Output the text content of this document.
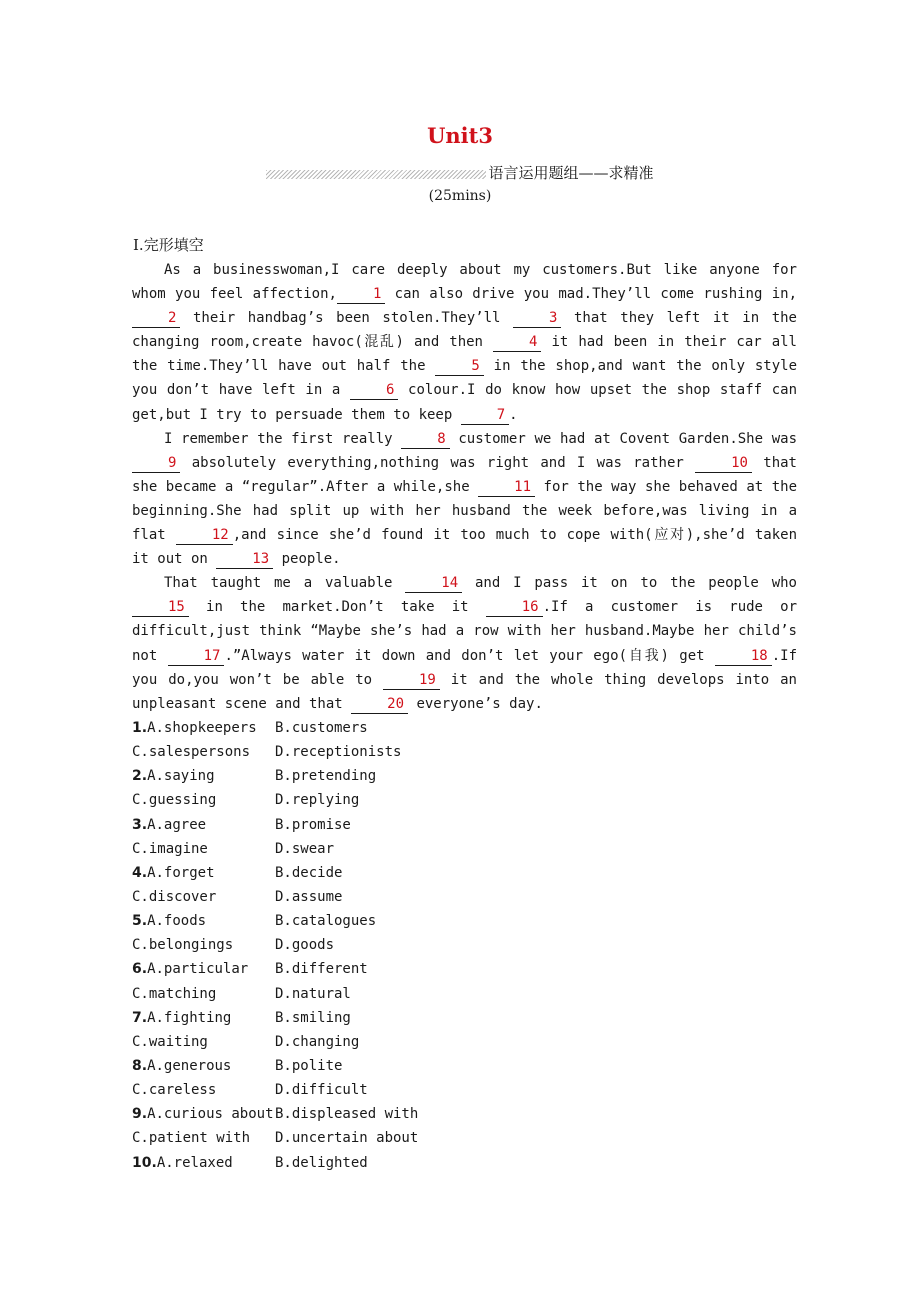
Unit3
语言运用题组——求精准
(25mins)
Ⅰ.完形填空

As a businesswoman,I care deeply about my customers.But like anyone for whom you feel affection,	1 can also drive you mad.They’ll come rushing in,2 their handbag’s been stolen.They’ll	3 that they left it in the changing room,create havoc(混乱) and then	4 it had been in their car all the time.They’ll have out half the	5 in the shop,and want the only style you don’t have left in a	6 colour.I do know how upset the shop staff can get,but I try to persuade them to keep	7 .

I remember the first really	8 customer we had at Covent Garden.She was 9 absolutely everything,nothing was right and I was rather	10 that she became a “regular”.After a while,she	11 for the way she behaved at the beginning.She had split up with her husband the week before,was living in a flat	12 ,and since she’d found it too much to cope with(应对),she’d taken it out on	13 people.

That taught me a valuable	14 and I pass it on to the people who 15 in the market.Don’t take it	16 .If a customer is rude or difficult,just think “Maybe she’s had a row with her husband.Maybe her child’s not	17 .”Always water it down and don’t let your ego(自我) get	18 .If you do,you won’t be able to	19 it and the whole thing develops into an unpleasant scene and that	20 everyone’s day.

1.A.shopkeepers B.customers
C.salespersons D.receptionists
2.A.saying	B.pretending
C.guessing	D.replying
3.A.agree	B.promise
C.imagine	D.swear
4.A.forget	B.decide
C.discover	D.assume
5.A.foods	B.catalogues
C.belongings	D.goods
6.A.particular B.different
C.matching	D.natural
7.A.fighting	B.smiling
C.waiting	D.changing
8.A.generous	B.polite
C.careless	D.difficult
9.A.curious about B.displeased with
C.patient with D.uncertain about
10.A.relaxed	B.delighted
